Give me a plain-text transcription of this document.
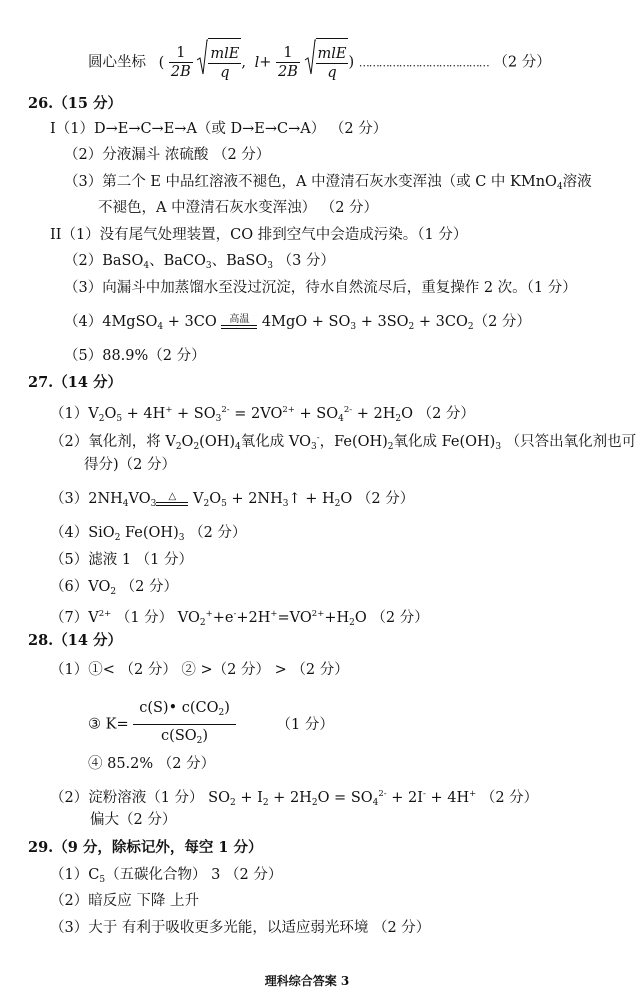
圆心坐标 ( $\frac{1}{2B}$
$\frac{\text{mlE}}{q}$ , $l+ \frac{1}{2B}$
$\frac{\text{mlE}}{q}$ ) ………………………………… （2 分）
26.（15 分）
I（1）D→E→C→E→A（或 D→E→C→A） （2 分）
（2）分液漏斗 浓硫酸 （2 分）
（3）第二个 E 中品红溶液不褪色，A 中澄清石灰水变浑浊（或 C 中 KMnO$_4$溶液
不褪色，A 中澄清石灰水变浑浊） （2 分）
II（1）没有尾气处理装置，CO 排到空气中会造成污染。（1 分）
（2）BaSO$_4$、BaCO$_3$、BaSO$_3$ （3 分）
（3）向漏斗中加蒸馏水至没过沉淀，待水自然流尽后，重复操作 2 次。（1 分）
（4）4MgSO$_4$ + 3CO 高温 $4MgO + SO_3 + 3SO_2 + 3CO_2(2$ 分）
（5）88.9%（2 分）
27.（14 分）
$(1)V_2O_5 + 4H^+ + SO_3^{2-} = 2VO^{2+} + SO_4^{2-} + 2H_2O$ （2 分）
（2）氧化剂，将 $V_2O_2(OH)_4$氧化成 $VO_3^-$，$Fe(OH)_2$氧化成 $Fe(OH)_3$ （只答出氧化剂也可
得分)（2 分）
$(3)2NH_4VO_3$
△ $V_2O_5$ + $2NH_3↑ + H_2O$ （2 分）
（4）SiO$_2$ $Fe(OH)_3$ （2 分）
（5）滤液 1 （1 分）
$(6)VO_2$ （2 分）
$(7)V^{2+}$ （1 分） $VO_2^++e^-+2H^+=VO^{2+}+H_2O$ （2 分）
28.（14 分）
（1）①< （2 分） ② >（2 分） > （2 分）
③ $K= \frac{c(S)• c(CO_2)}{c(SO_2)}$	（1 分）
④ 85.2% （2 分）
（2）淀粉溶液（1 分） $SO_2 + I_2 + 2H_2O = SO_4^{2-} + 2I^- + 4H^+$ （2 分）
偏大（2 分）
29.（9 分，除标记外，每空 1 分）
$(1)C_5$（五碳化合物） 3 （2 分）
（2）暗反应 下降 上升
（3）大于 有利于吸收更多光能，以适应弱光环境 （2 分）
理科综合答案 3
